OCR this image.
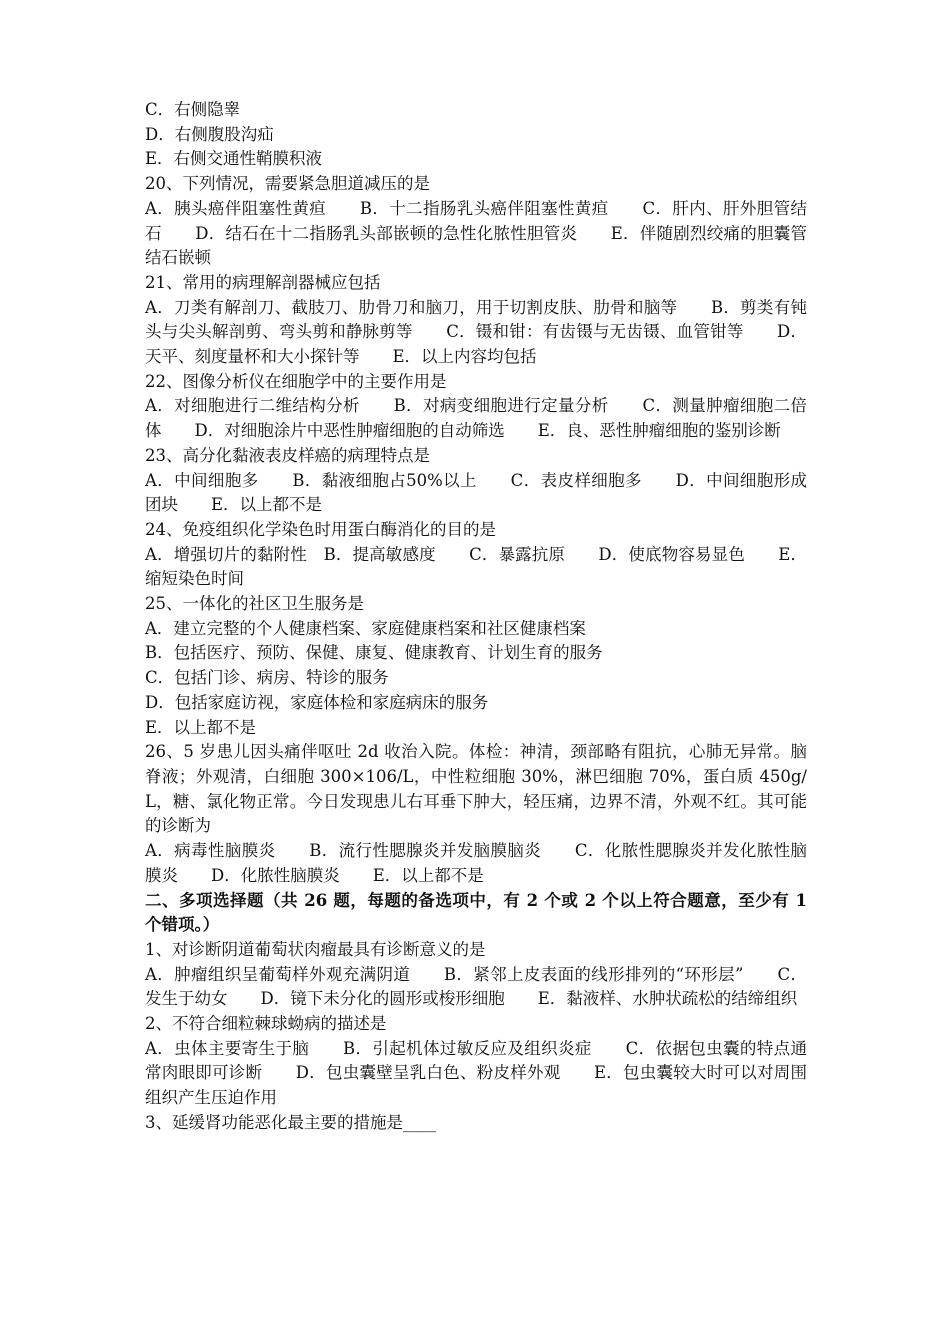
C．右侧隐睾

D．右侧腹股沟疝

E．右侧交通性鞘膜积液

20、下列情况，需要紧急胆道减压的是

A．胰头癌伴阻塞性黄疸　　B．十二指肠乳头癌伴阻塞性黄疸　　C．肝内、肝外胆管结石　　D．结石在十二指肠乳头部嵌顿的急性化脓性胆管炎　　E．伴随剧烈绞痛的胆囊管结石嵌顿

21、常用的病理解剖器械应包括

A．刀类有解剖刀、截肢刀、肋骨刀和脑刀，用于切割皮肤、肋骨和脑等　　B．剪类有钝头与尖头解剖剪、弯头剪和静脉剪等　　C．镊和钳：有齿镊与无齿镊、血管钳等　　D．天平、刻度量杯和大小探针等　　E．以上内容均包括

22、图像分析仪在细胞学中的主要作用是

A．对细胞进行二维结构分析　　B．对病变细胞进行定量分析　　C．测量肿瘤细胞二倍体　　D．对细胞涂片中恶性肿瘤细胞的自动筛选　　E．良、恶性肿瘤细胞的鉴别诊断

23、高分化黏液表皮样癌的病理特点是

A．中间细胞多　　B．黏液细胞占50%以上　　C．表皮样细胞多　　D．中间细胞形成团块　　E．以上都不是

24、免疫组织化学染色时用蛋白酶消化的目的是

A．增强切片的黏附性　B．提高敏感度　　C．暴露抗原　　D．使底物容易显色　　E．缩短染色时间

25、一体化的社区卫生服务是

A．建立完整的个人健康档案、家庭健康档案和社区健康档案

B．包括医疗、预防、保健、康复、健康教育、计划生育的服务

C．包括门诊、病房、特诊的服务

D．包括家庭访视，家庭体检和家庭病床的服务

E．以上都不是

26、5 岁患儿因头痛伴呕吐 2d 收治入院。体检：神清，颈部略有阻抗，心肺无异常。脑脊液；外观清，白细胞 300×106/L，中性粒细胞 30%，淋巴细胞 70%，蛋白质 450g/L，糖、氯化物正常。今日发现患儿右耳垂下肿大，轻压痛，边界不清，外观不红。其可能的诊断为

A．病毒性脑膜炎　　B．流行性腮腺炎并发脑膜脑炎　　C．化脓性腮腺炎并发化脓性脑膜炎　　D．化脓性脑膜炎　　E．以上都不是

二、多项选择题（共 26 题，每题的备选项中，有 2 个或 2 个以上符合题意，至少有 1 个错项。）

1、对诊断阴道葡萄状肉瘤最具有诊断意义的是

A．肿瘤组织呈葡萄样外观充满阴道　　B．紧邻上皮表面的线形排列的“环形层”　　C．发生于幼女　　D．镜下未分化的圆形或梭形细胞　　E．黏液样、水肿状疏松的结缔组织

2、不符合细粒棘球蚴病的描述是

A．虫体主要寄生于脑　　B．引起机体过敏反应及组织炎症　　C．依据包虫囊的特点通常肉眼即可诊断　　D．包虫囊壁呈乳白色、粉皮样外观　　E．包虫囊较大时可以对周围组织产生压迫作用

3、延缓肾功能恶化最主要的措施是____
